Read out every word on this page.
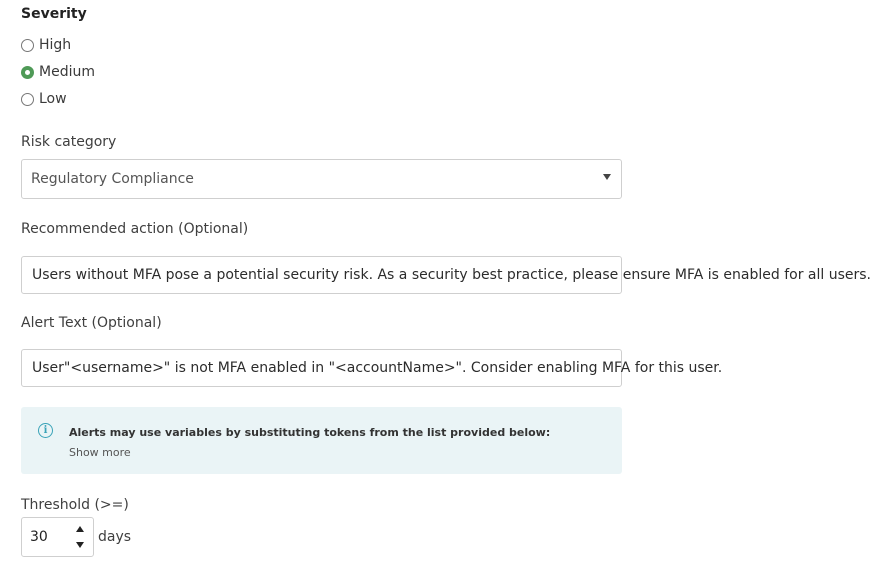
Severity
High
Medium
Low
Risk category
Regulatory Compliance
Recommended action (Optional)
Users without MFA pose a potential security risk. As a security best practice, please ensure MFA is enabled for all users.
Alert Text (Optional)
User"<username>" is not MFA enabled in "<accountName>". Consider enabling MFA for this user.
i	Alerts may use variables by substituting tokens from the list provided below:
Show more
Threshold (>=)
30	days
